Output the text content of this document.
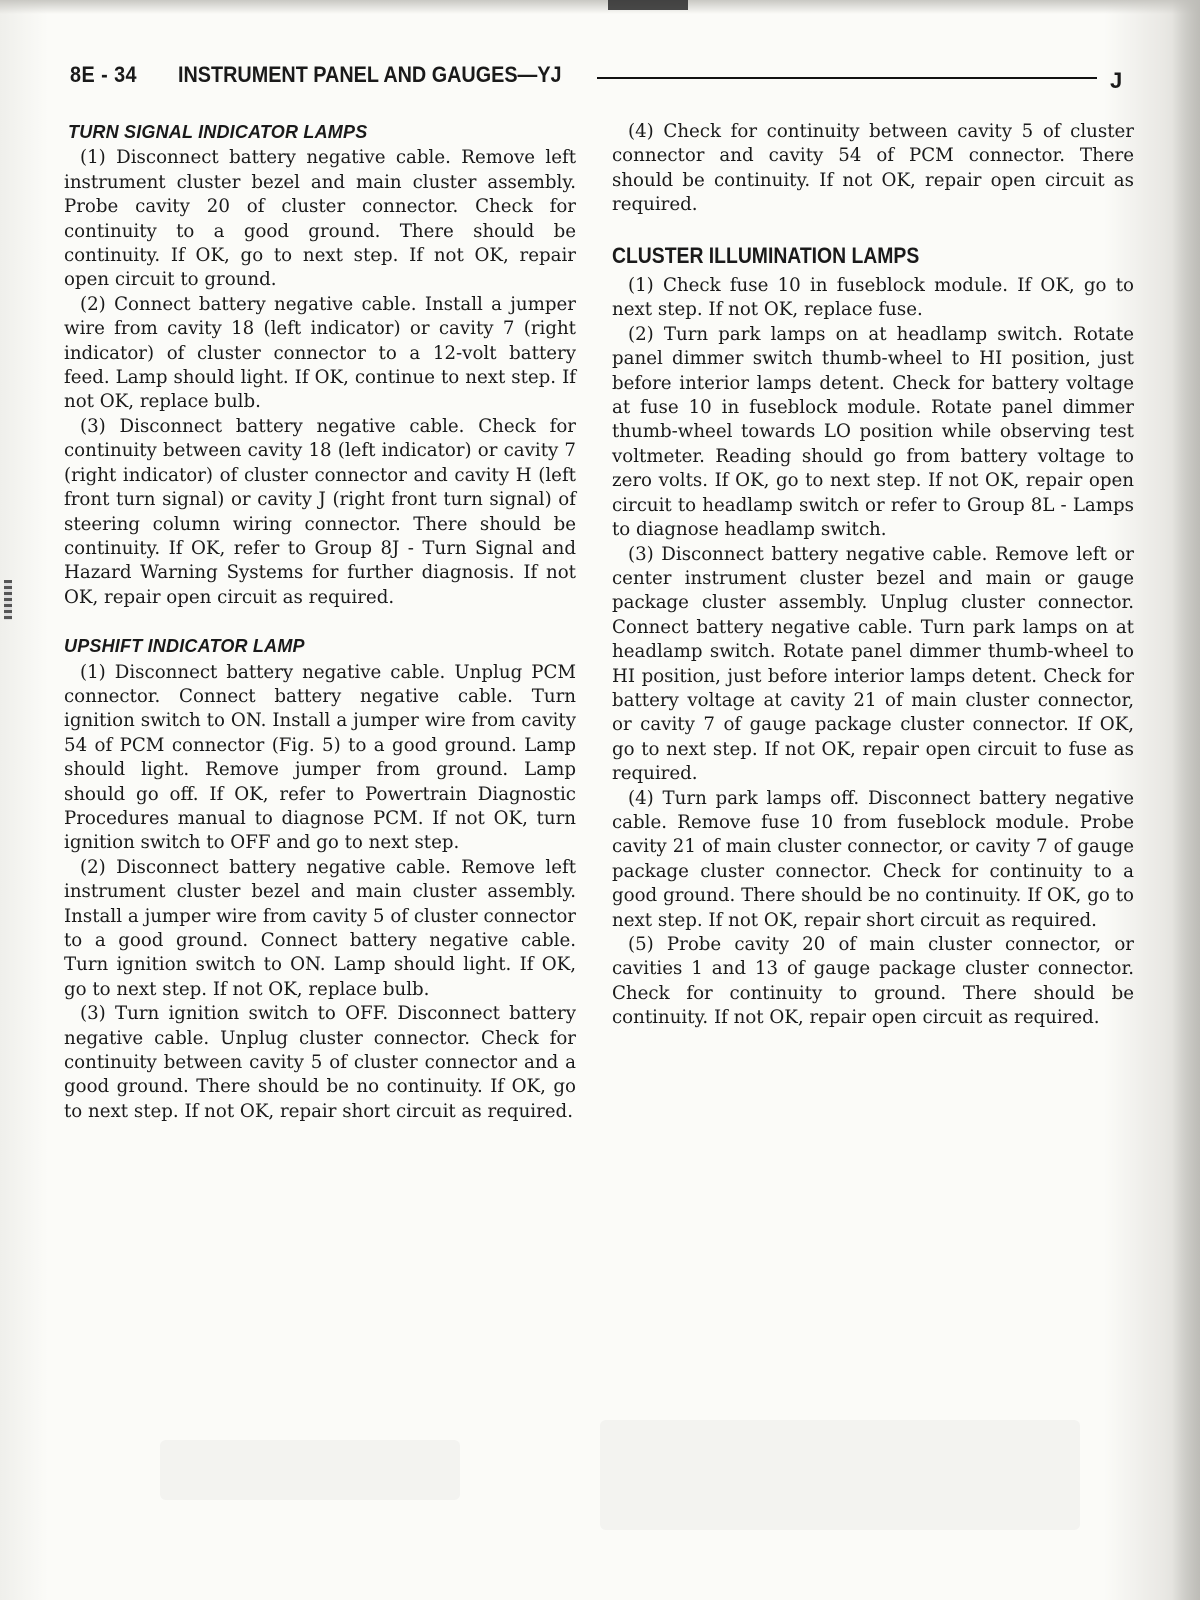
8E - 34 INSTRUMENT PANEL AND GAUGES—YJ	J
TURN SIGNAL INDICATOR LAMPS

(1) Disconnect battery negative cable. Remove left instrument cluster bezel and main cluster assembly. Probe cavity 20 of cluster connector. Check for continuity to a good ground. There should be continuity. If OK, go to next step. If not OK, repair open circuit to ground.

(2) Connect battery negative cable. Install a jumper wire from cavity 18 (left indicator) or cavity 7 (right indicator) of cluster connector to a 12-volt battery feed. Lamp should light. If OK, continue to next step. If not OK, replace bulb.

(3) Disconnect battery negative cable. Check for continuity between cavity 18 (left indicator) or cavity 7 (right indicator) of cluster connector and cavity H (left front turn signal) or cavity J (right front turn signal) of steering column wiring connector. There should be continuity. If OK, refer to Group 8J - Turn Signal and Hazard Warning Systems for further diagnosis. If not OK, repair open circuit as required.

UPSHIFT INDICATOR LAMP

(1) Disconnect battery negative cable. Unplug PCM connector. Connect battery negative cable. Turn ignition switch to ON. Install a jumper wire from cavity 54 of PCM connector (Fig. 5) to a good ground. Lamp should light. Remove jumper from ground. Lamp should go off. If OK, refer to Powertrain Diagnostic Procedures manual to diagnose PCM. If not OK, turn ignition switch to OFF and go to next step.

(2) Disconnect battery negative cable. Remove left instrument cluster bezel and main cluster assembly. Install a jumper wire from cavity 5 of cluster connector to a good ground. Connect battery negative cable. Turn ignition switch to ON. Lamp should light. If OK, go to next step. If not OK, replace bulb.

(3) Turn ignition switch to OFF. Disconnect battery negative cable. Unplug cluster connector. Check for continuity between cavity 5 of cluster connector and a good ground. There should be no continuity. If OK, go to next step. If not OK, repair short circuit as required.

(4) Check for continuity between cavity 5 of cluster connector and cavity 54 of PCM connector. There should be continuity. If not OK, repair open circuit as required.

CLUSTER ILLUMINATION LAMPS

(1) Check fuse 10 in fuseblock module. If OK, go to next step. If not OK, replace fuse.

(2) Turn park lamps on at headlamp switch. Rotate panel dimmer switch thumb-wheel to HI position, just before interior lamps detent. Check for battery voltage at fuse 10 in fuseblock module. Rotate panel dimmer thumb-wheel towards LO position while observing test voltmeter. Reading should go from battery voltage to zero volts. If OK, go to next step. If not OK, repair open circuit to headlamp switch or refer to Group 8L - Lamps to diagnose headlamp switch.

(3) Disconnect battery negative cable. Remove left or center instrument cluster bezel and main or gauge package cluster assembly. Unplug cluster connector. Connect battery negative cable. Turn park lamps on at headlamp switch. Rotate panel dimmer thumb-wheel to HI position, just before interior lamps detent. Check for battery voltage at cavity 21 of main cluster connector, or cavity 7 of gauge package cluster connector. If OK, go to next step. If not OK, repair open circuit to fuse as required.

(4) Turn park lamps off. Disconnect battery negative cable. Remove fuse 10 from fuseblock module. Probe cavity 21 of main cluster connector, or cavity 7 of gauge package cluster connector. Check for continuity to a good ground. There should be no continuity. If OK, go to next step. If not OK, repair short circuit as required.

(5) Probe cavity 20 of main cluster connector, or cavities 1 and 13 of gauge package cluster connector. Check for continuity to ground. There should be continuity. If not OK, repair open circuit as required.
